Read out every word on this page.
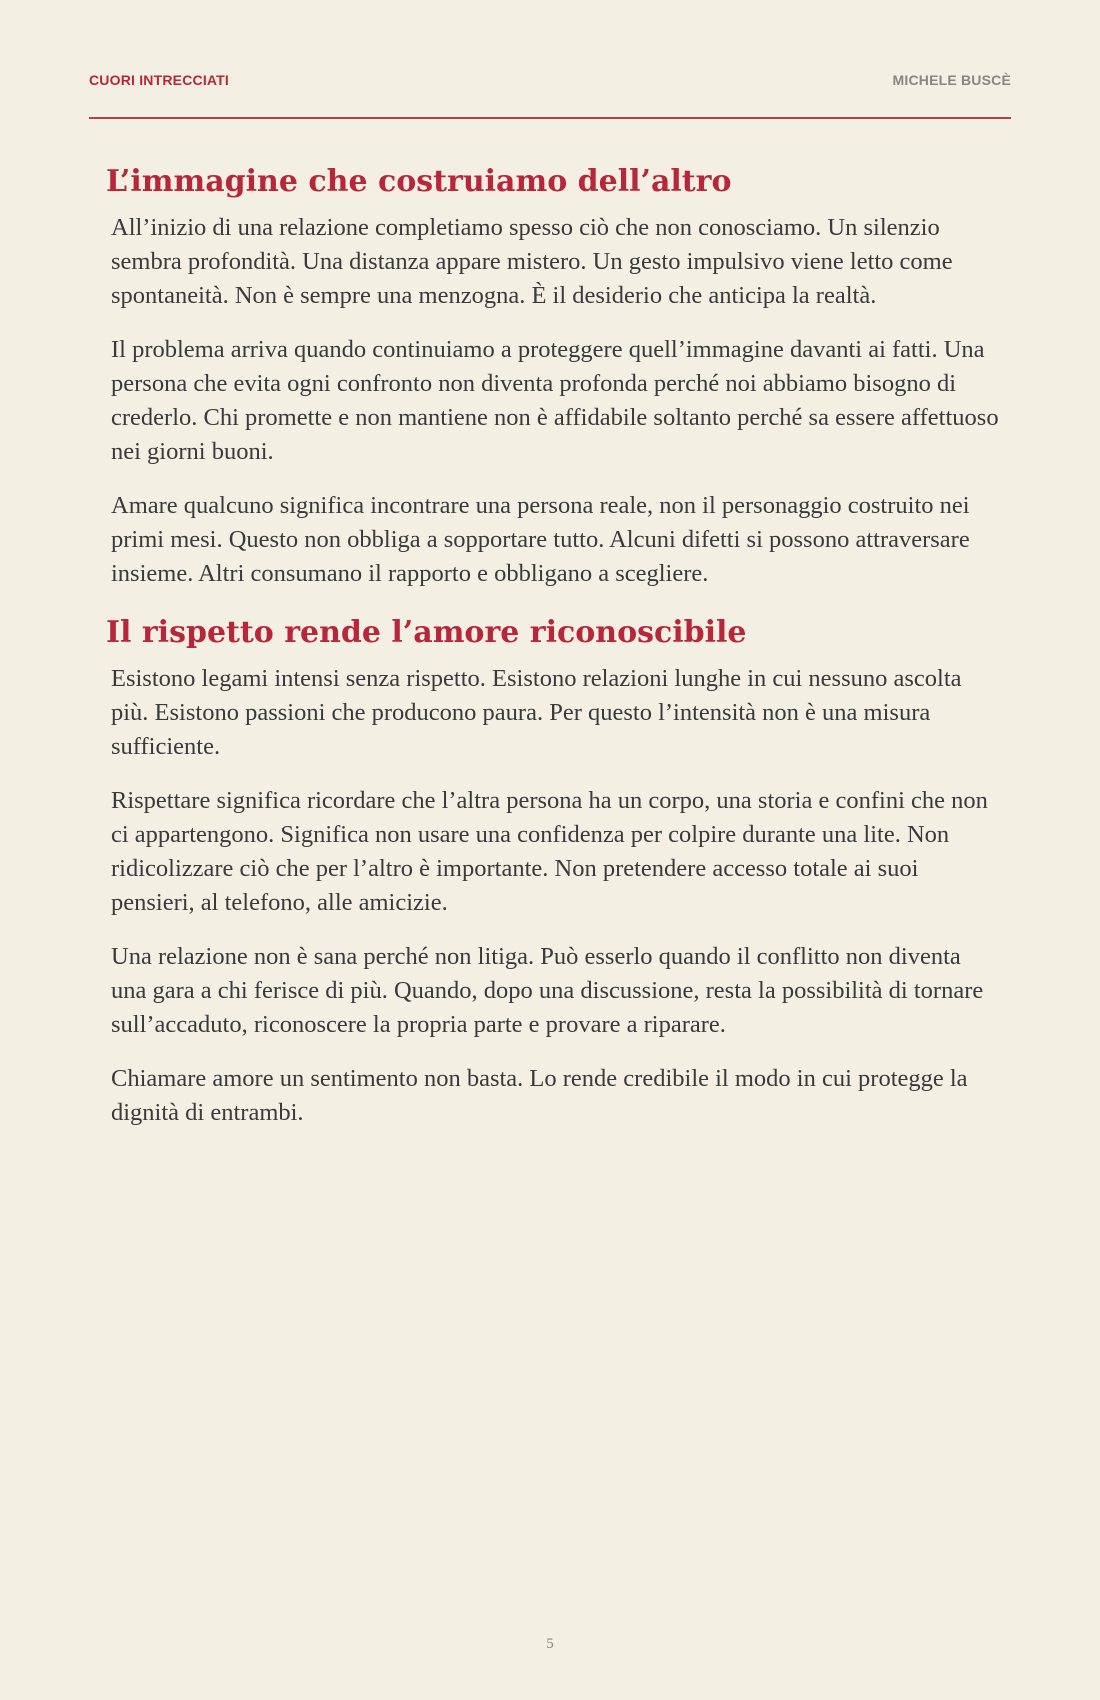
CUORI INTRECCIATI	MICHELE BUSCÈ
L’immagine che costruiamo dell’altro

All’inizio di una relazione completiamo spesso ciò che non conosciamo. Un silenzio sembra profondità. Una distanza appare mistero. Un gesto impulsivo viene letto come spontaneità. Non è sempre una menzogna. È il desiderio che anticipa la realtà.

Il problema arriva quando continuiamo a proteggere quell’immagine davanti ai fatti. Una persona che evita ogni confronto non diventa profonda perché noi abbiamo bisogno di crederlo. Chi promette e non mantiene non è affidabile soltanto perché sa essere affettuoso nei giorni buoni.

Amare qualcuno significa incontrare una persona reale, non il personaggio costruito nei primi mesi. Questo non obbliga a sopportare tutto. Alcuni difetti si possono attraversare insieme. Altri consumano il rapporto e obbligano a scegliere.

Il rispetto rende l’amore riconoscibile

Esistono legami intensi senza rispetto. Esistono relazioni lunghe in cui nessuno ascolta più. Esistono passioni che producono paura. Per questo l’intensità non è una misura sufficiente.

Rispettare significa ricordare che l’altra persona ha un corpo, una storia e confini che non ci appartengono. Significa non usare una confidenza per colpire durante una lite. Non ridicolizzare ciò che per l’altro è importante. Non pretendere accesso totale ai suoi pensieri, al telefono, alle amicizie.

Una relazione non è sana perché non litiga. Può esserlo quando il conflitto non diventa una gara a chi ferisce di più. Quando, dopo una discussione, resta la possibilità di tornare sull’accaduto, riconoscere la propria parte e provare a riparare.

Chiamare amore un sentimento non basta. Lo rende credibile il modo in cui protegge la dignità di entrambi.

5
